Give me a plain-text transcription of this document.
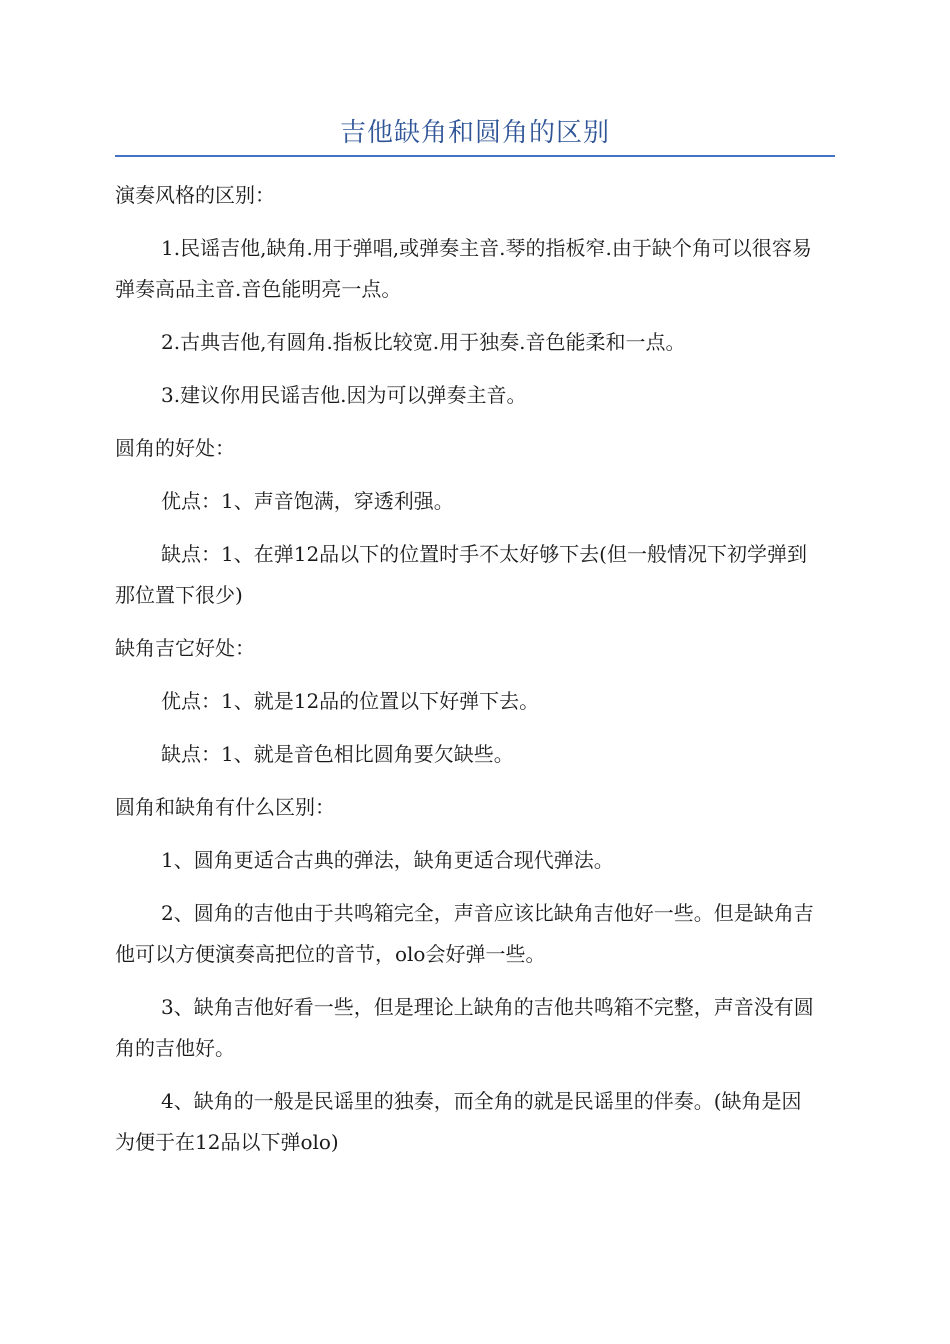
吉他缺角和圆角的区别

演奏风格的区别：

1.民谣吉他,缺角.用于弹唱,或弹奏主音.琴的指板窄.由于缺个角可以很容易弹奏高品主音.音色能明亮一点。

2.古典吉他,有圆角.指板比较宽.用于独奏.音色能柔和一点。

3.建议你用民谣吉他.因为可以弹奏主音。

圆角的好处：

优点：1、声音饱满，穿透利强。

缺点：1、在弹12品以下的位置时手不太好够下去(但一般情况下初学弹到那位置下很少)

缺角吉它好处：

优点：1、就是12品的位置以下好弹下去。

缺点：1、就是音色相比圆角要欠缺些。

圆角和缺角有什么区别：

1、圆角更适合古典的弹法，缺角更适合现代弹法。

2、圆角的吉他由于共鸣箱完全，声音应该比缺角吉他好一些。但是缺角吉他可以方便演奏高把位的音节，olo会好弹一些。

3、缺角吉他好看一些，但是理论上缺角的吉他共鸣箱不完整，声音没有圆角的吉他好。

4、缺角的一般是民谣里的独奏，而全角的就是民谣里的伴奏。(缺角是因为便于在12品以下弹olo)
